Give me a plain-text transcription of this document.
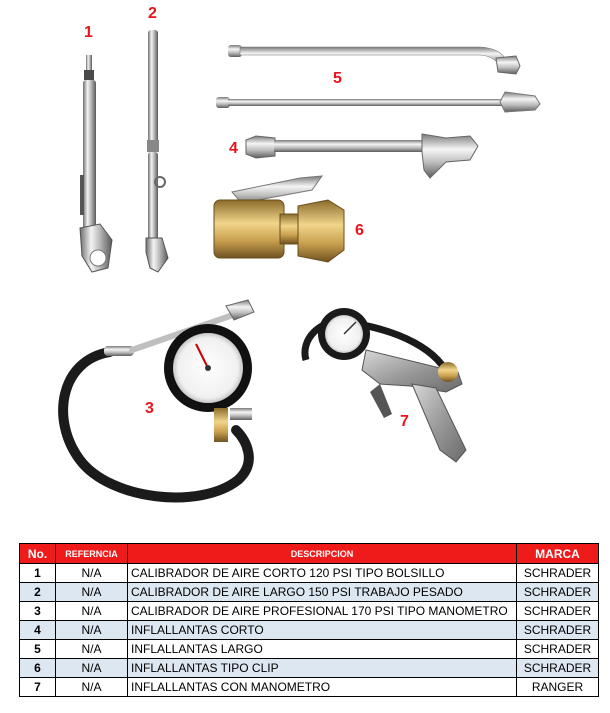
1
2
3
4
5
6
7
No.	REFERNCIA	DESCRIPCION	MARCA
1	N/A	CALIBRADOR DE AIRE CORTO 120 PSI TIPO BOLSILLO	SCHRADER
2	N/A	CALIBRADOR DE AIRE LARGO 150 PSI TRABAJO PESADO	SCHRADER
3	N/A	CALIBRADOR DE AIRE PROFESIONAL 170 PSI TIPO MANOMETRO	SCHRADER
4	N/A	INFLALLANTAS CORTO	SCHRADER
5	N/A	INFLALLANTAS LARGO	SCHRADER
6	N/A	INFLALLANTAS TIPO CLIP	SCHRADER
7	N/A	INFLALLANTAS CON MANOMETRO	RANGER
